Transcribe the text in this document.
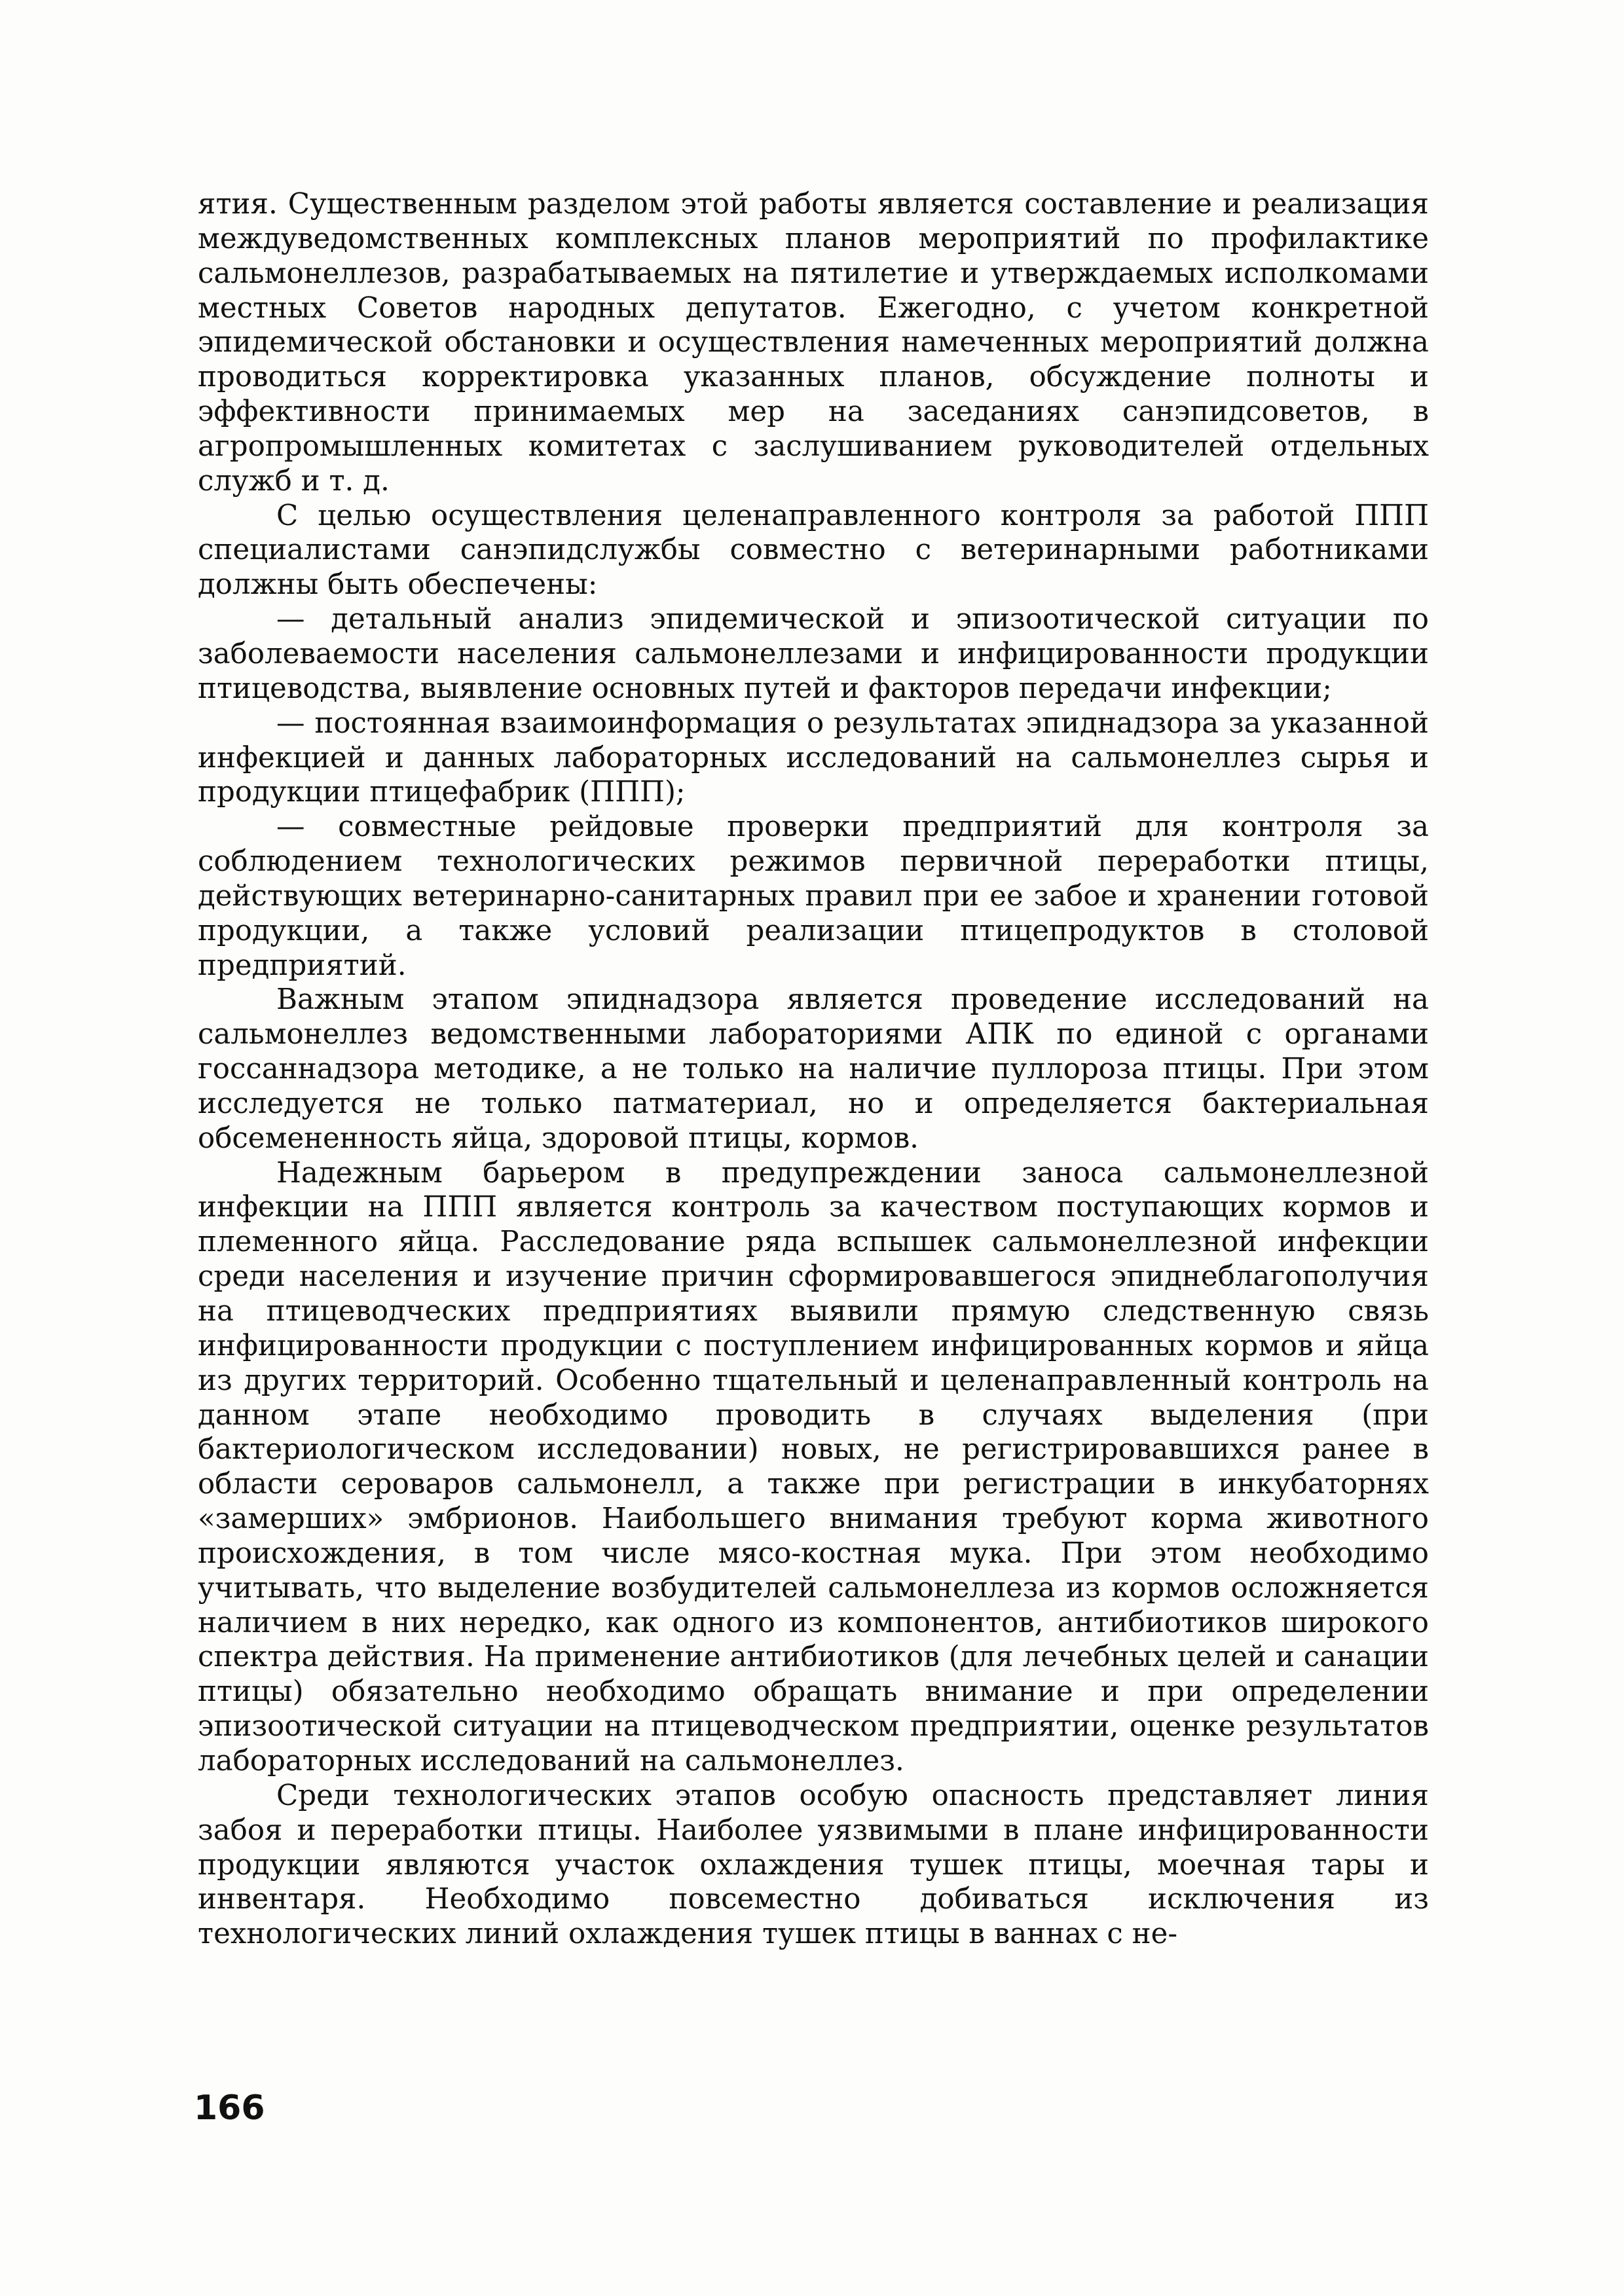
ятия. Существенным разделом этой работы является составление и реализация междуведомственных комплексных планов мероприятий по профилактике сальмонеллезов, разрабатываемых на пятилетие и утверждаемых исполкомами местных Советов народных депутатов. Ежегодно, с учетом конкретной эпидемической обстановки и осуществления намеченных мероприятий должна проводиться корректировка указанных планов, обсуждение полноты и эффективности принимаемых мер на заседаниях санэпидсоветов, в агропромышленных комитетах с заслушиванием руководителей отдельных служб и т. д.

С целью осуществления целенаправленного контроля за работой ППП специалистами санэпидслужбы совместно с ветеринарными работниками должны быть обеспечены:

— детальный анализ эпидемической и эпизоотической ситуации по заболеваемости населения сальмонеллезами и инфицированности продукции птицеводства, выявление основных путей и факторов передачи инфекции;

— постоянная взаимоинформация о результатах эпиднадзора за указанной инфекцией и данных лабораторных исследований на сальмонеллез сырья и продукции птицефабрик (ППП);

— совместные рейдовые проверки предприятий для контроля за соблюдением технологических режимов первичной переработки птицы, действующих ветеринарно-санитарных правил при ее забое и хранении готовой продукции, а также условий реализации птицепродуктов в столовой предприятий.

Важным этапом эпиднадзора является проведение исследований на сальмонеллез ведомственными лабораториями АПК по единой с органами госсаннадзора методике, а не только на наличие пуллороза птицы. При этом исследуется не только патматериал, но и определяется бактериальная обсемененность яйца, здоровой птицы, кормов.

Надежным барьером в предупреждении заноса сальмонеллезной инфекции на ППП является контроль за качеством поступающих кормов и племенного яйца. Расследование ряда вспышек сальмонеллезной инфекции среди населения и изучение причин сформировавшегося эпиднеблагополучия на птицеводческих предприятиях выявили прямую следственную связь инфицированности продукции с поступлением инфицированных кормов и яйца из других территорий. Особенно тщательный и целенаправленный контроль на данном этапе необходимо проводить в случаях выделения (при бактериологическом исследовании) новых, не регистрировавшихся ранее в области сероваров сальмонелл, а также при регистрации в инкубаторнях «замерших» эмбрионов. Наибольшего внимания требуют корма животного происхождения, в том числе мясо-костная мука. При этом необходимо учитывать, что выделение возбудителей сальмонеллеза из кормов осложняется наличием в них нередко, как одного из компонентов, антибиотиков широкого спектра действия. На применение антибиотиков (для лечебных целей и санации птицы) обязательно необходимо обращать внимание и при определении эпизоотической ситуации на птицеводческом предприятии, оценке результатов лабораторных исследований на сальмонеллез.

Среди технологических этапов особую опасность представляет линия забоя и переработки птицы. Наиболее уязвимыми в плане инфицированности продукции являются участок охлаждения тушек птицы, моечная тары и инвентаря. Необходимо повсеместно добиваться исключения из технологических линий охлаждения тушек птицы в ваннах с не-

166
